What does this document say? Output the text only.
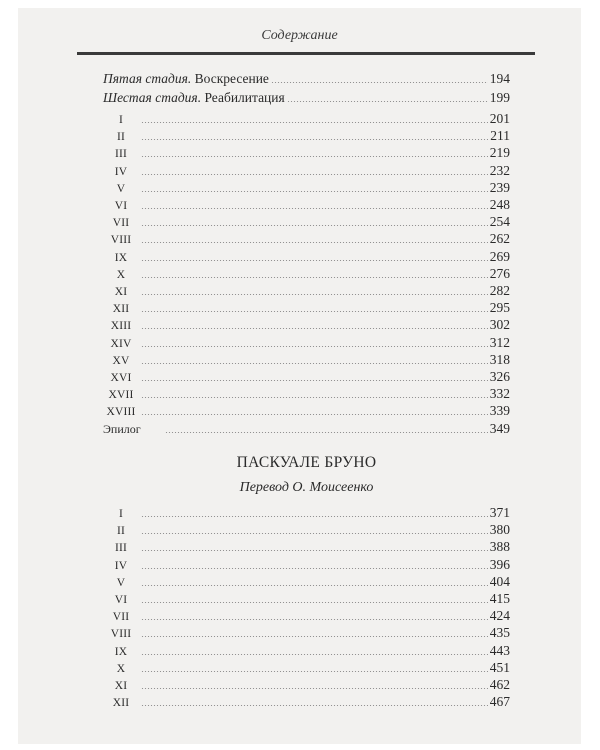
Содержание
ПАСКУАЛЕ БРУНО
Перевод О. Моисеенко
Пятая стадия. Воскресение	194
Шестая стадия. Реабилитация	199
I	201
II	211
III	219
IV	232
V	239
VI	248
VII	254
VIII	262
IX	269
X	276
XI	282
XII	295
XIII	302
XIV	312
XV	318
XVI	326
XVII	332
XVIII	339
Эпилог	349
I	371
II	380
III	388
IV	396
V	404
VI	415
VII	424
VIII	435
IX	443
X	451
XI	462
XII	467
